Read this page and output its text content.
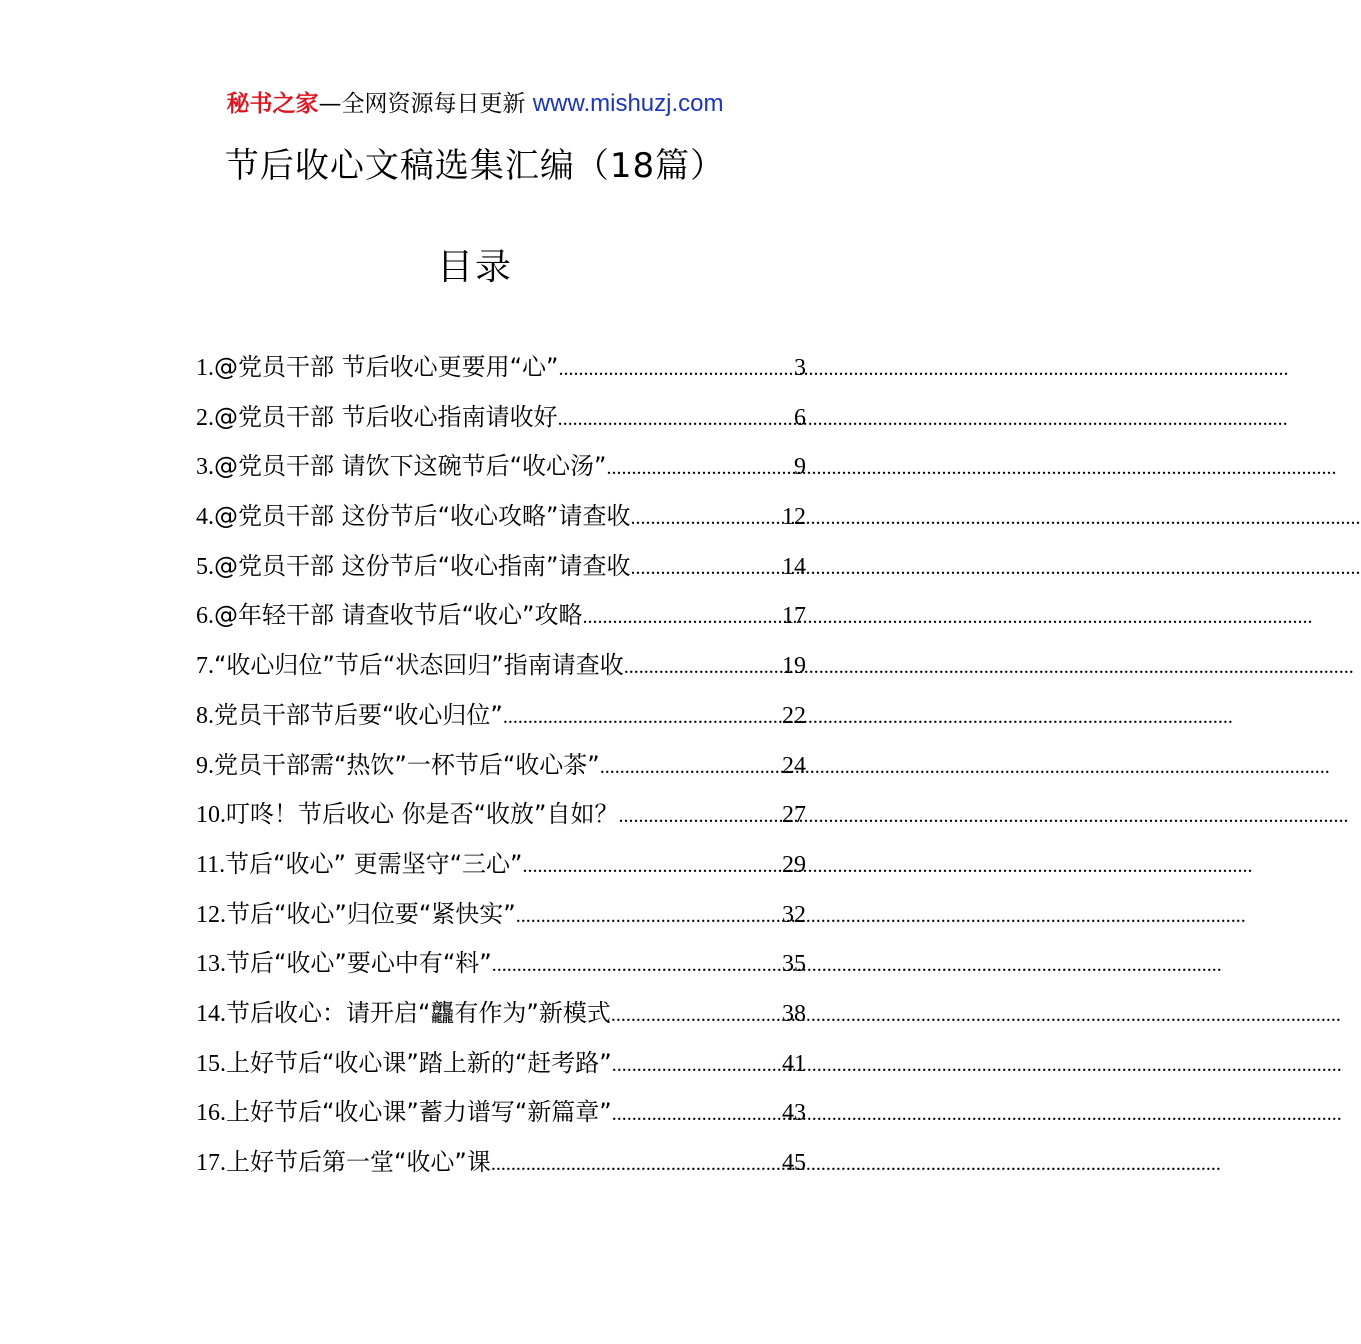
秘书之家—全网资源每日更新 www.mishuzj.com
节后收心文稿选集汇编（18篇）
目录
1. @党员干部 节后收心更要用“心” .....	3
2. @党员干部 节后收心指南请收好 .....	6
3. @党员干部 请饮下这碗节后“收心汤” .....	9
4. @党员干部 这份节后“收心攻略”请查收 .....	12
5. @党员干部 这份节后“收心指南”请查收 .....	14
6. @年轻干部 请查收节后“收心”攻略 .....	17
7. “收心归位”节后“状态回归”指南请查收 .....	19
8. 党员干部节后要“收心归位” .....	22
9. 党员干部需“热饮”一杯节后“收心茶” .....	24
10. 叮咚！节后收心 你是否“收放”自如？ .....	27
11. 节后“收心” 更需坚守“三心” .....	29
12. 节后“收心”归位要“紧快实” .....	32
13. 节后“收心”要心中有“料” .....	35
14. 节后收心：请开启“龘有作为”新模式 .....	38
15. 上好节后“收心课”踏上新的“赶考路” .....	41
16. 上好节后“收心课”蓄力谱写“新篇章” .....	43
17. 上好节后第一堂“收心”课 .....	45
